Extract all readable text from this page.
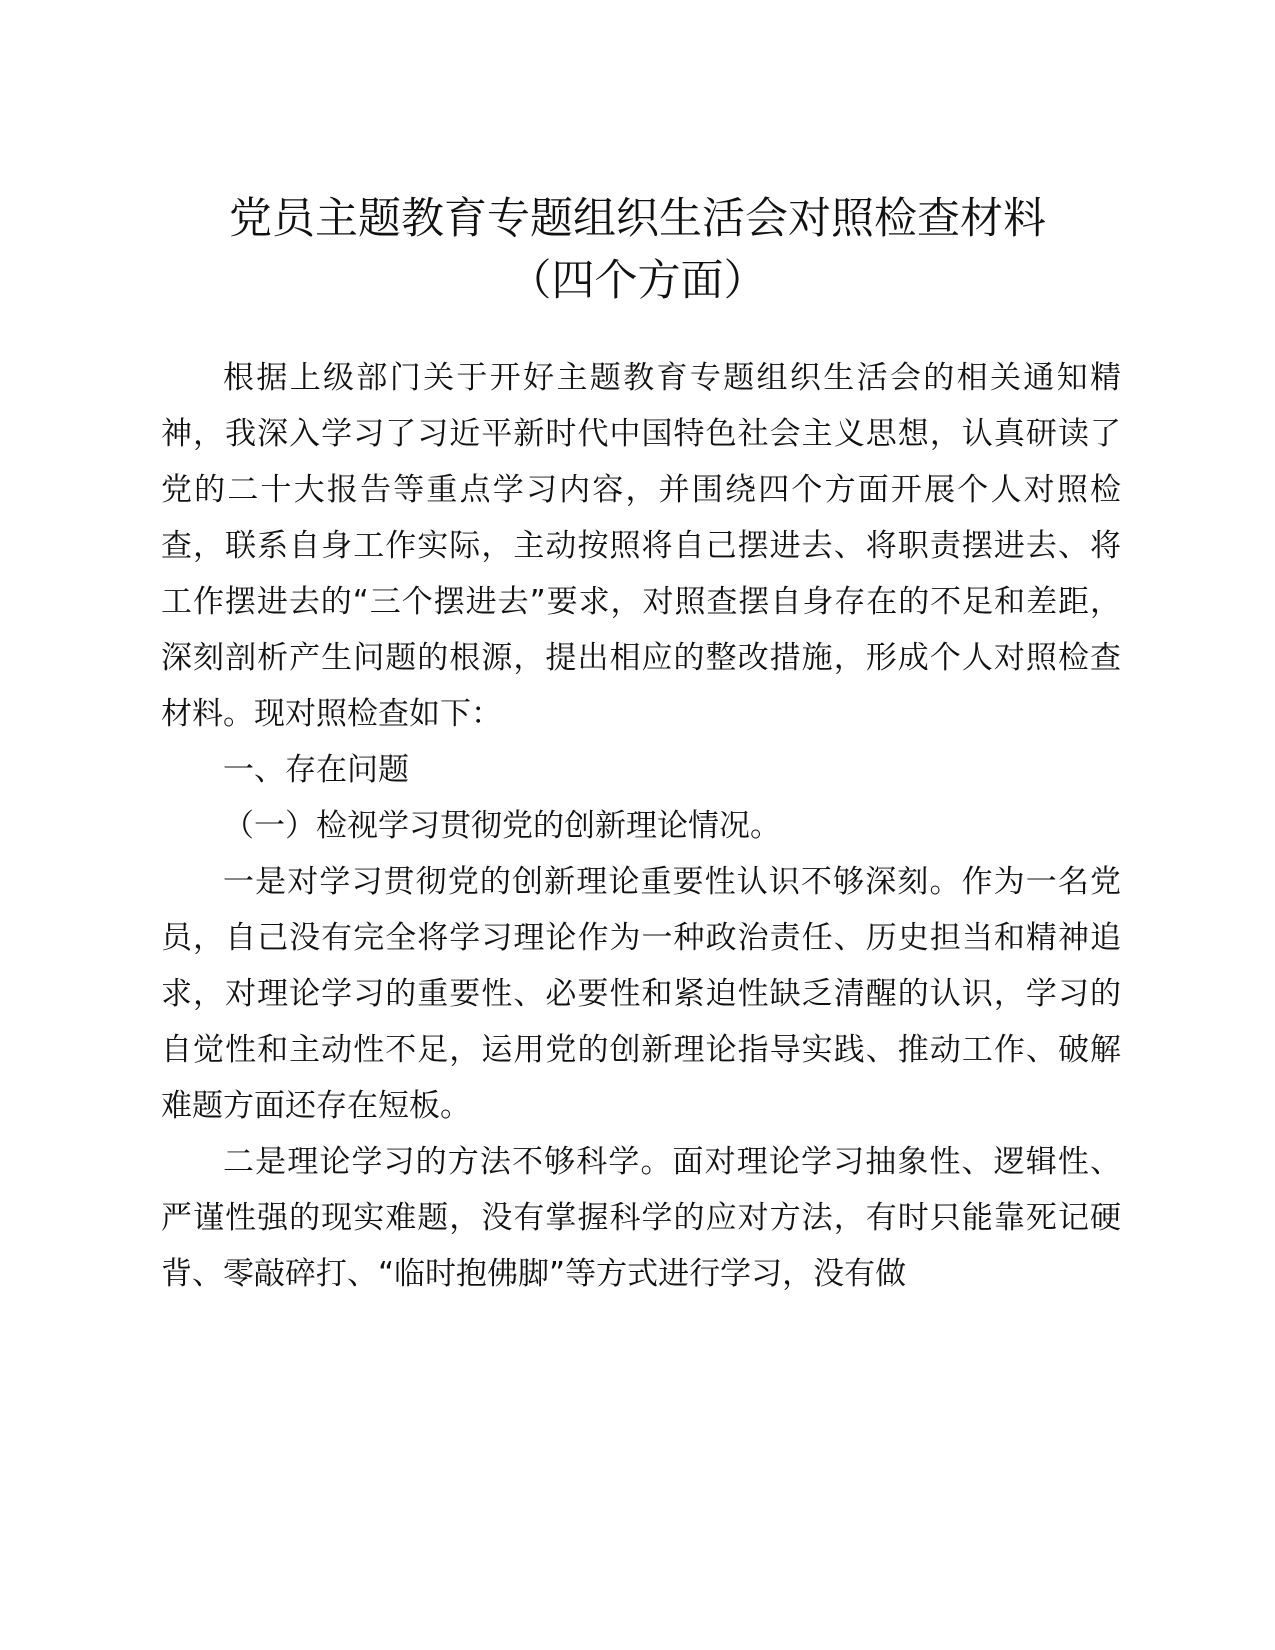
党员主题教育专题组织生活会对照检查材料

（四个方面）

根据上级部门关于开好主题教育专题组织生活会的相关通知精神，我深入学习了习近平新时代中国特色社会主义思想，认真研读了党的二十大报告等重点学习内容，并围绕四个方面开展个人对照检查，联系自身工作实际，主动按照将自己摆进去、将职责摆进去、将工作摆进去的“三个摆进去”要求，对照查摆自身存在的不足和差距，深刻剖析产生问题的根源，提出相应的整改措施，形成个人对照检查材料。现对照检查如下：

一、存在问题

（一）检视学习贯彻党的创新理论情况。

一是对学习贯彻党的创新理论重要性认识不够深刻。作为一名党员，自己没有完全将学习理论作为一种政治责任、历史担当和精神追求，对理论学习的重要性、必要性和紧迫性缺乏清醒的认识，学习的自觉性和主动性不足，运用党的创新理论指导实践、推动工作、破解难题方面还存在短板。

二是理论学习的方法不够科学。面对理论学习抽象性、逻辑性、严谨性强的现实难题，没有掌握科学的应对方法，有时只能靠死记硬背、零敲碎打、“临时抱佛脚”等方式进行学习，没有做
